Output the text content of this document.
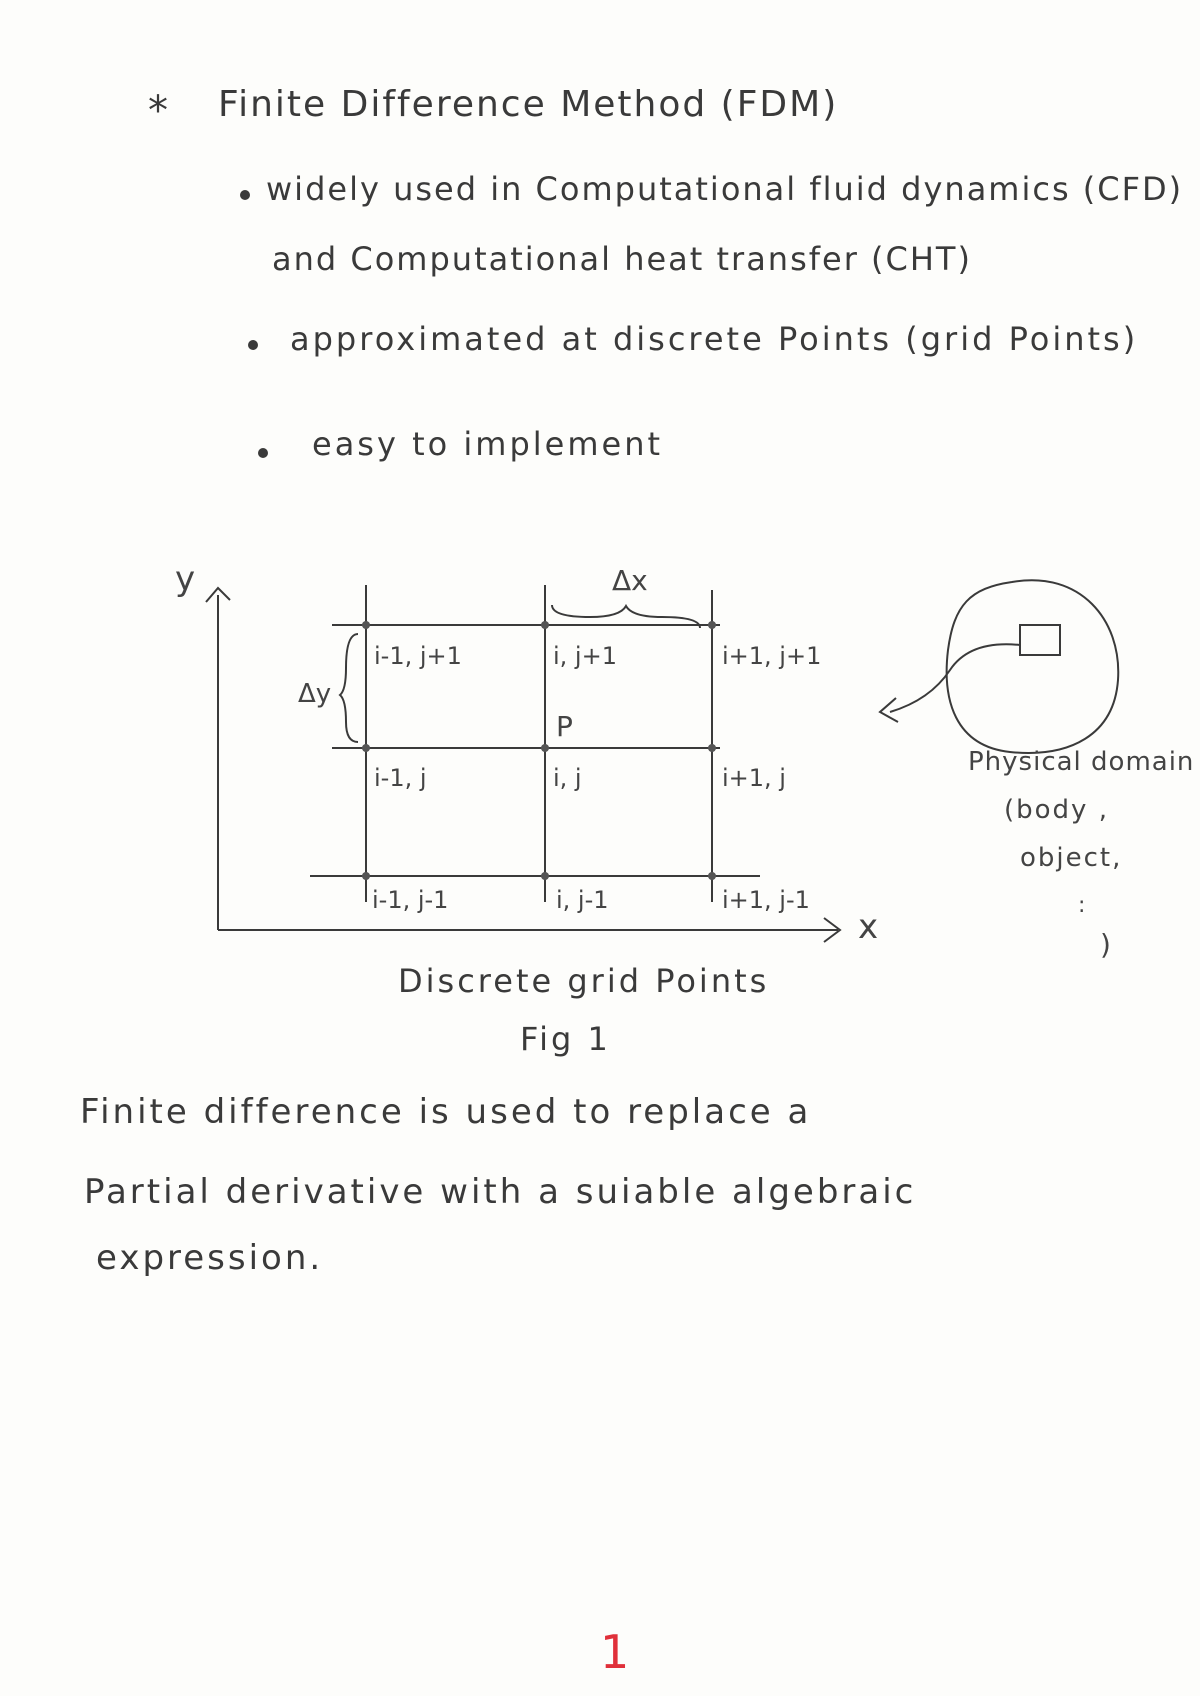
* Finite Difference Method (FDM)
widely used in Computational fluid dynamics (CFD)
and Computational heat transfer (CHT)
approximated at discrete Points (grid Points)
easy to implement
y
x
Δx
Δy
P
i-1, j+1	i, j+1	i+1, j+1
i-1, j	i, j	i+1, j
i-1, j-1	i, j-1	i+1, j-1
Physical domain
(body ,
object,
:
)
Discrete grid Points
Fig 1
Finite difference is used to replace a
Partial derivative with a suiable algebraic
expression.
1
